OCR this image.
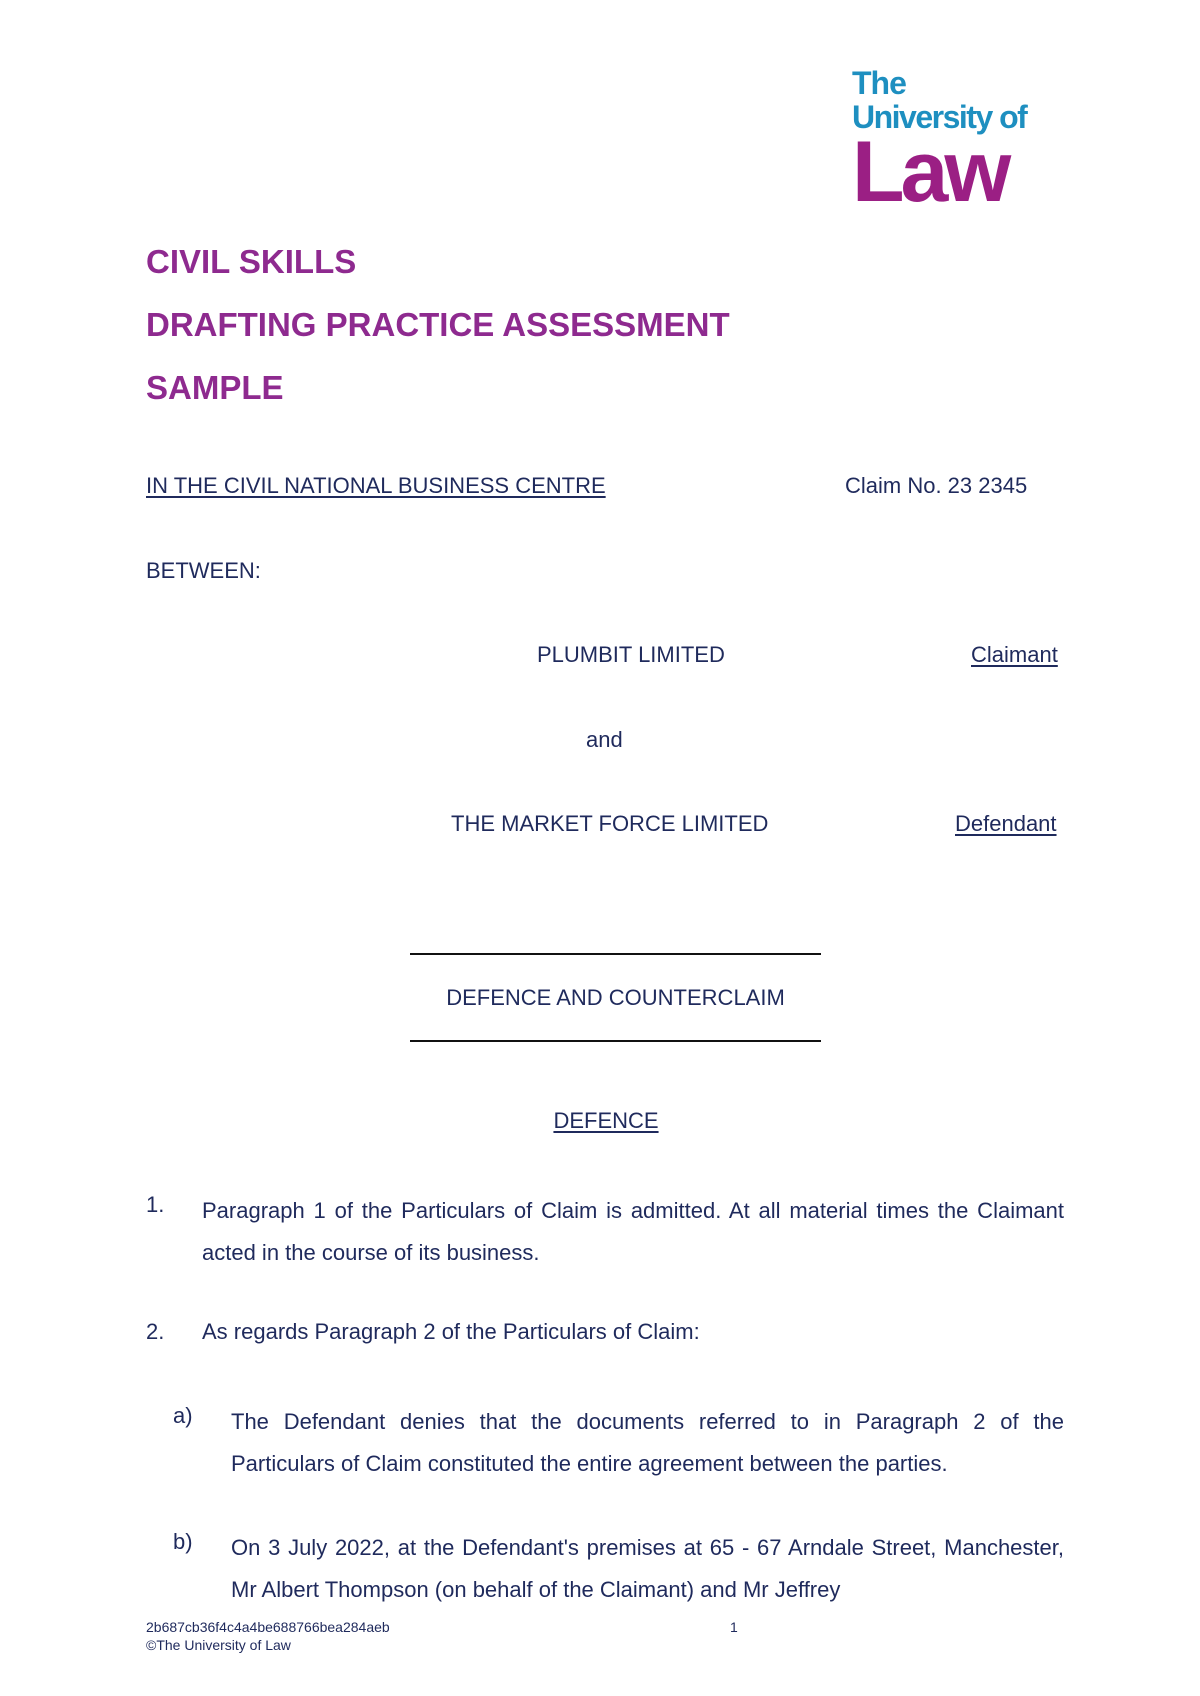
The
University of
Law
CIVIL SKILLS
DRAFTING PRACTICE ASSESSMENT
SAMPLE
IN THE CIVIL NATIONAL BUSINESS CENTRE	Claim No. 23 2345
BETWEEN:
PLUMBIT LIMITED	Claimant
and
THE MARKET FORCE LIMITED	Defendant
DEFENCE AND COUNTERCLAIM
DEFENCE
1. Paragraph 1 of the Particulars of Claim is admitted. At all material times the Claimant acted in the course of its business.
2. As regards Paragraph 2 of the Particulars of Claim:
a) The Defendant denies that the documents referred to in Paragraph 2 of the Particulars of Claim constituted the entire agreement between the parties.
b) On 3 July 2022, at the Defendant's premises at 65 - 67 Arndale Street, Manchester, Mr Albert Thompson (on behalf of the Claimant) and Mr Jeffrey
2b687cb36f4c4a4be688766bea284aeb	1
©The University of Law
